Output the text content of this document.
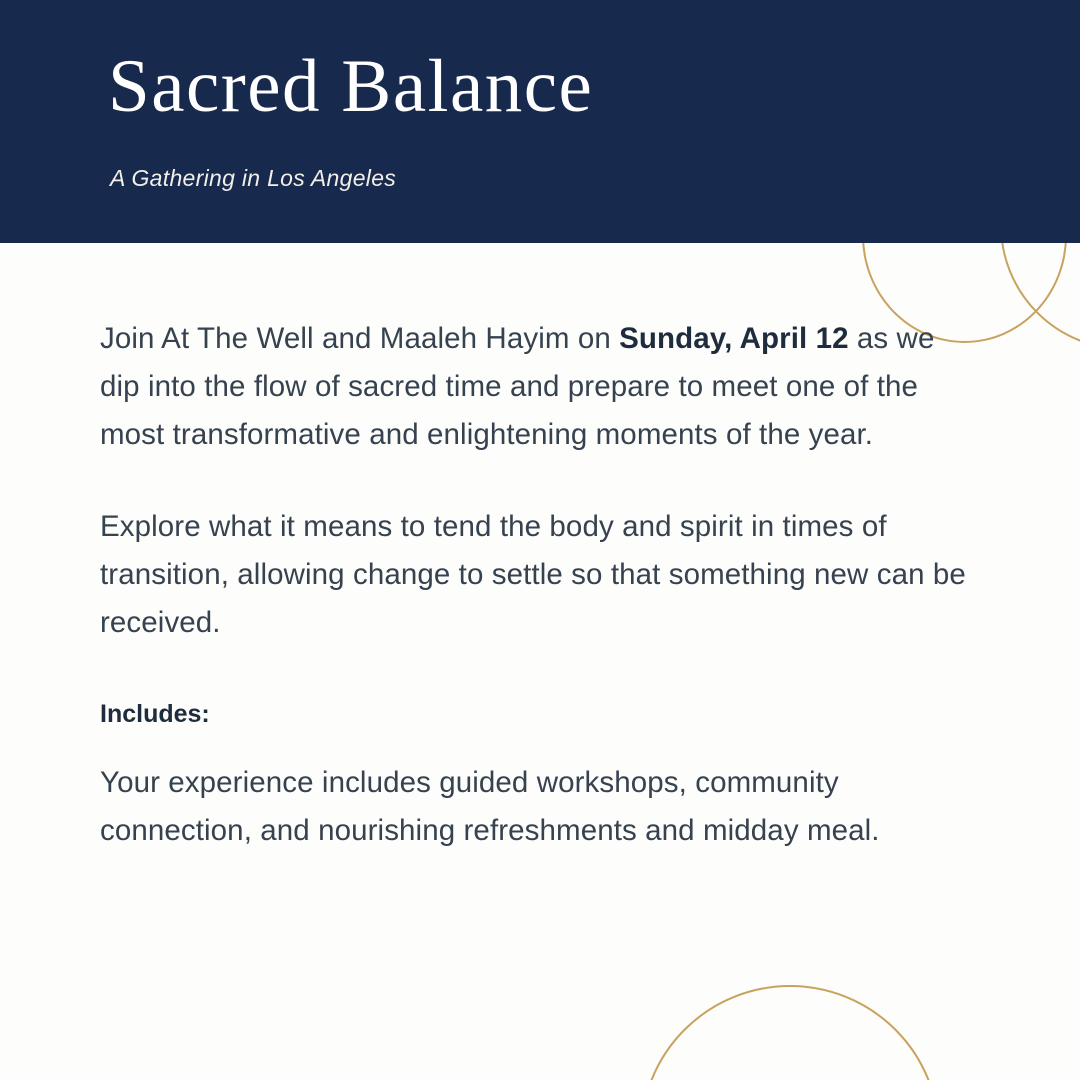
Sacred Balance

A Gathering in Los Angeles

Join At The Well and Maaleh Hayim on Sunday, April 12 as we dip into the flow of sacred time and prepare to meet one of the most transformative and enlightening moments of the year.

Explore what it means to tend the body and spirit in times of transition, allowing change to settle so that something new can be received.

Includes:

Your experience includes guided workshops, community connection, and nourishing refreshments and midday meal.
